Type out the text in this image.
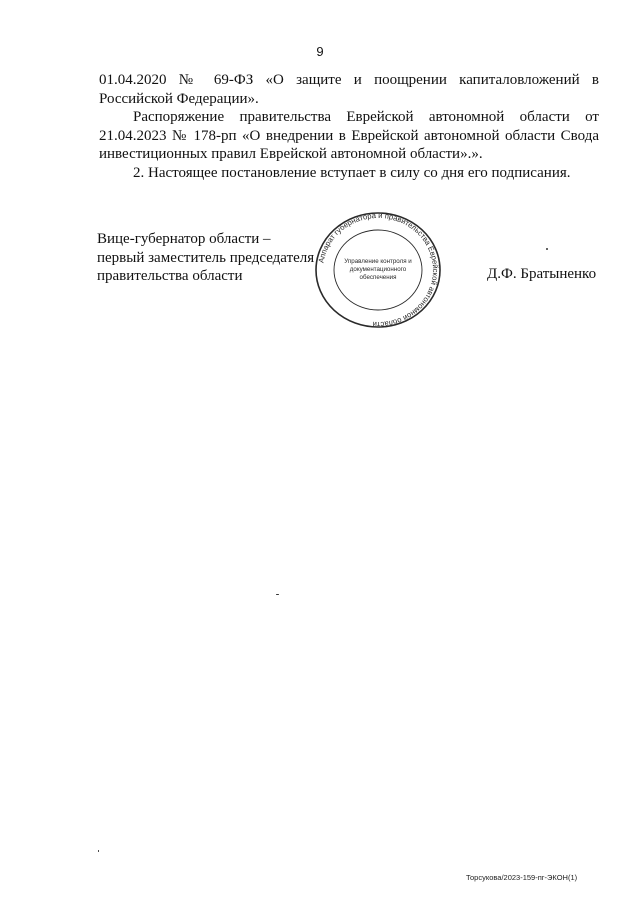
9

01.04.2020 № 69-ФЗ «О защите и поощрении капиталовложений в Российской Федерации».

Распоряжение правительства Еврейской автономной области от

21.04.2023 № 178-рп «О внедрении в Еврейской автономной области Свода

инвестиционных правил Еврейской автономной области».».

2. Настоящее постановление вступает в силу со дня его подписания.

Вице-губернатор области –
первый заместитель председателя
правительства области
Аппарат губернатора и правительства Еврейской автономной области
Управление контроля и
документационного
обеспечения	Д.Ф. Братыненко
Торсукова/2023-159-пг-ЭКОН(1)
